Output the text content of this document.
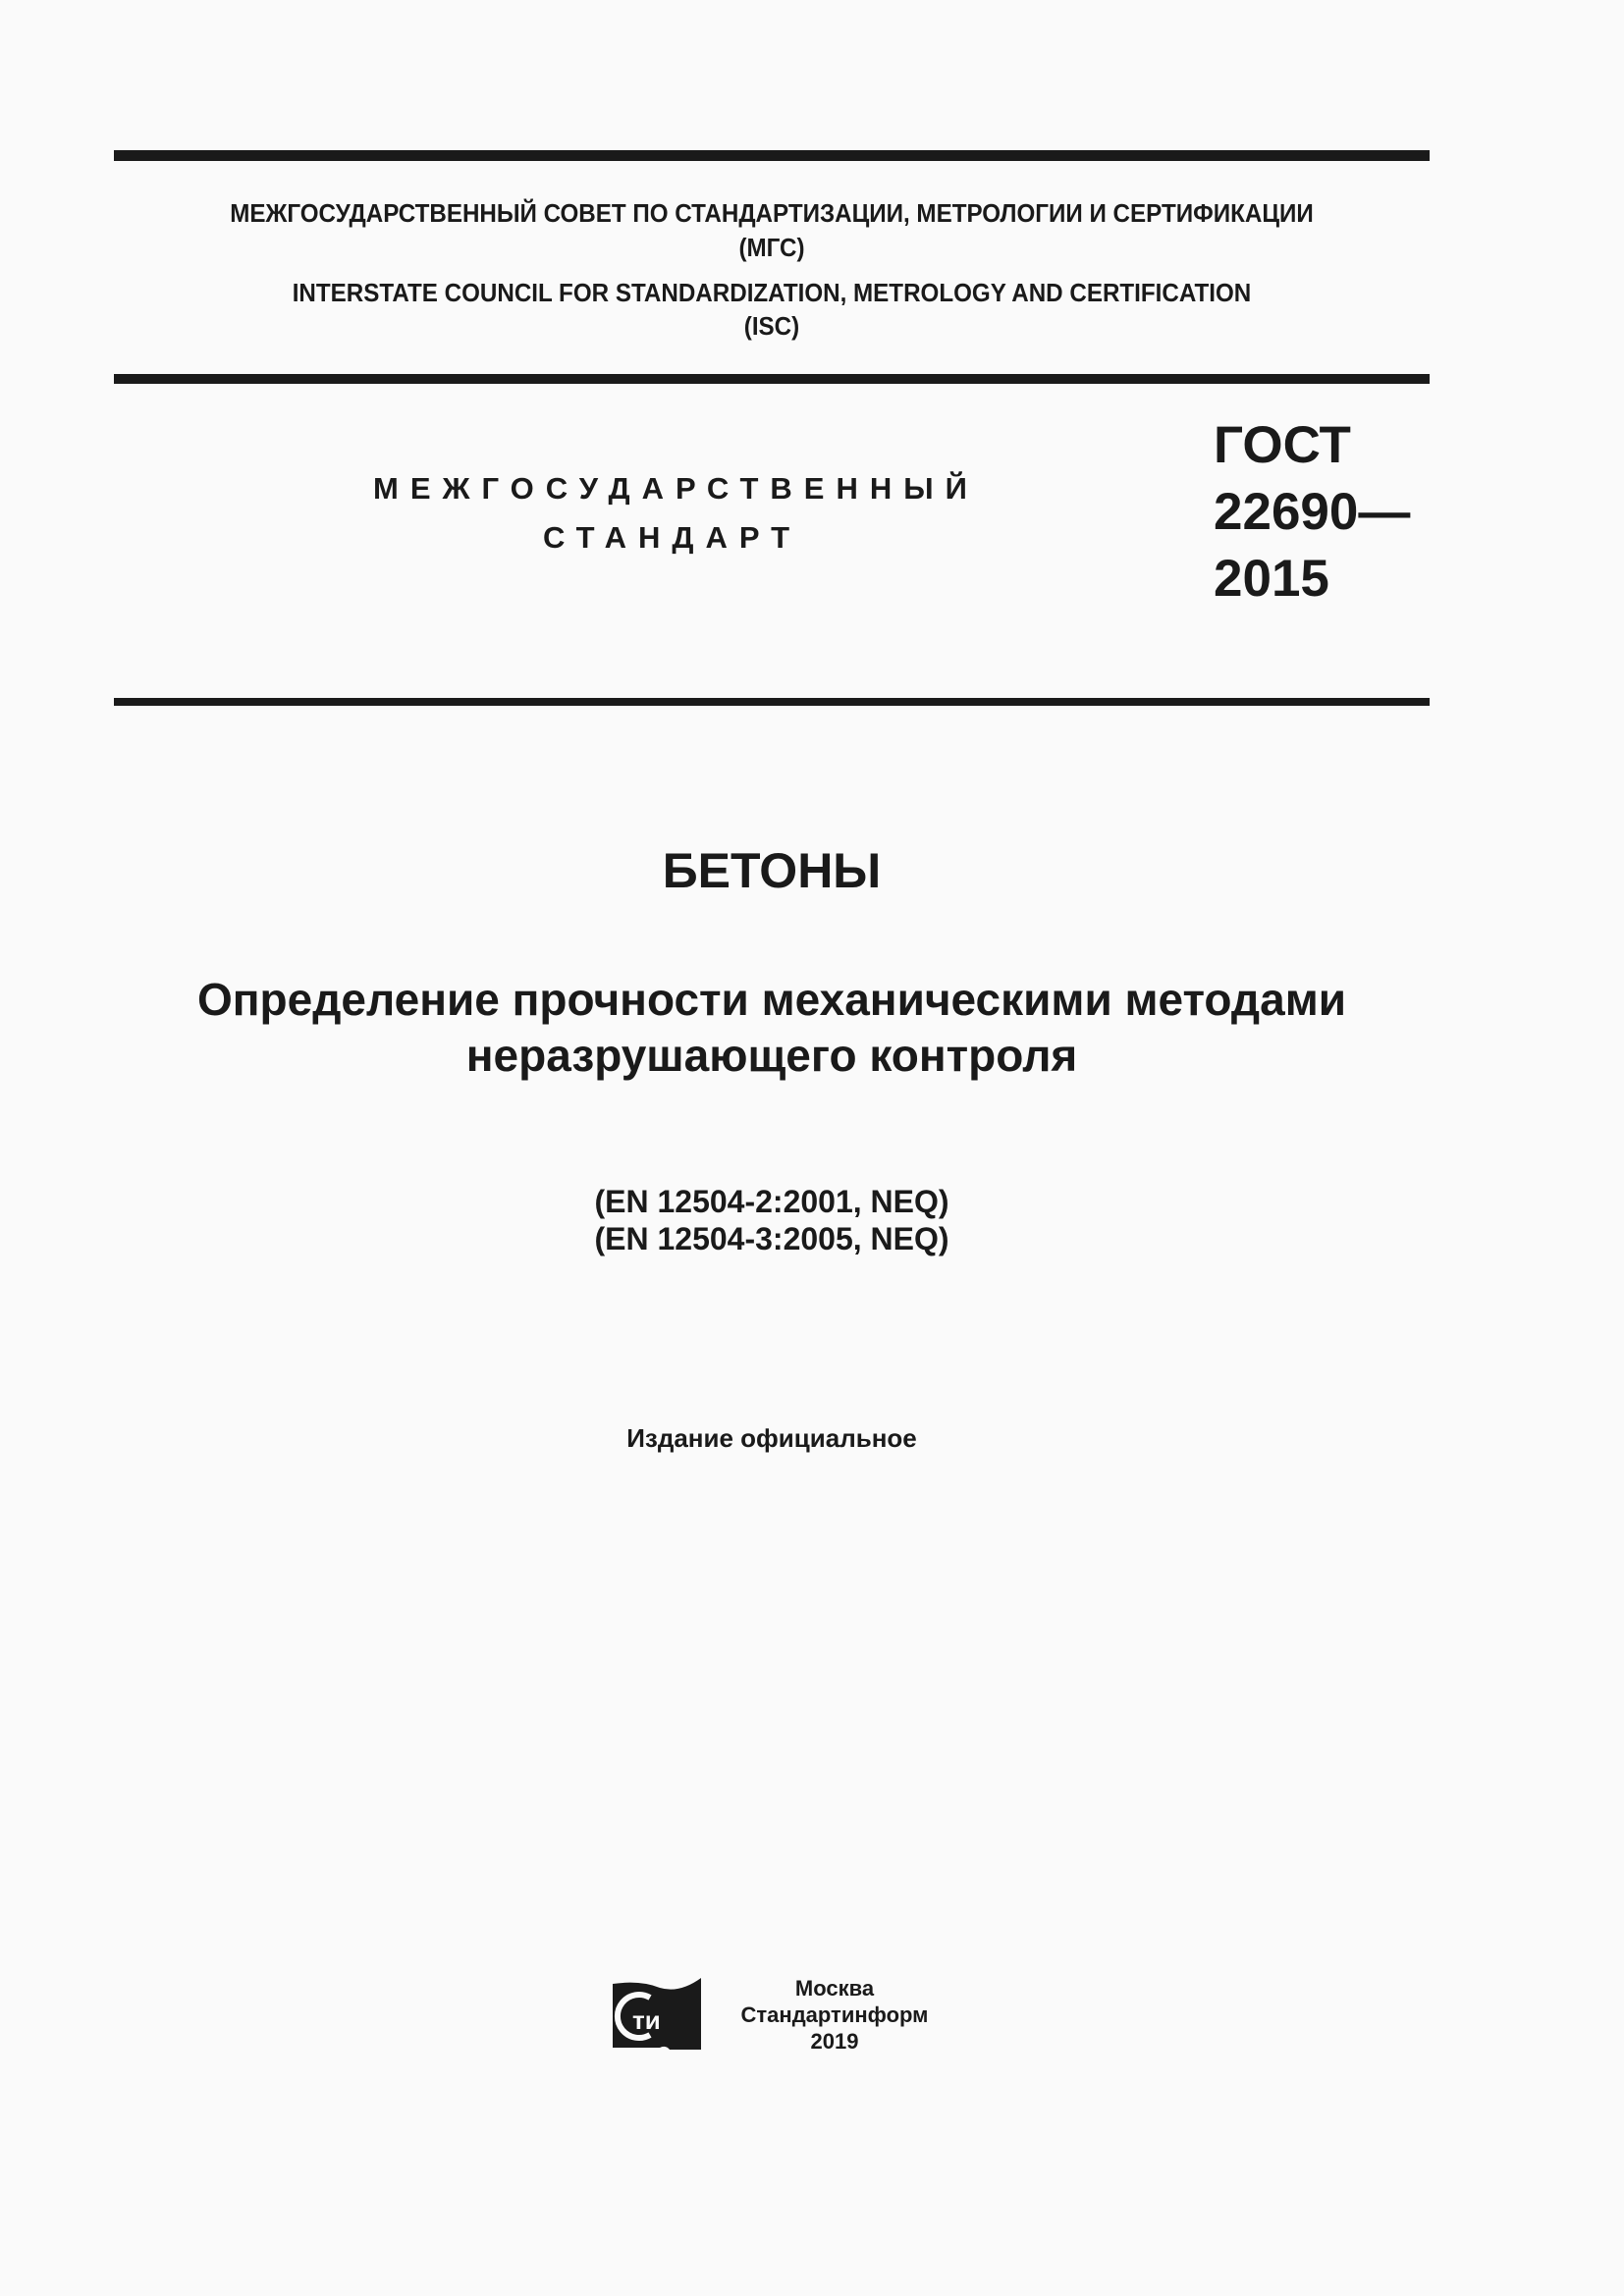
МЕЖГОСУДАРСТВЕННЫЙ СОВЕТ ПО СТАНДАРТИЗАЦИИ, МЕТРОЛОГИИ И СЕРТИФИКАЦИИ
(МГС)
INTERSTATE COUNCIL FOR STANDARDIZATION, METROLOGY AND CERTIFICATION
(ISC)
МЕЖГОСУДАРСТВЕННЫЙ
СТАНДАРТ
ГОСТ
22690—
2015
БЕТОНЫ
Определение прочности механическими методами
неразрушающего контроля
(EN 12504-2:2001, NEQ)
(EN 12504-3:2005, NEQ)
Издание официальное
ти
Москва
Стандартинформ
2019
